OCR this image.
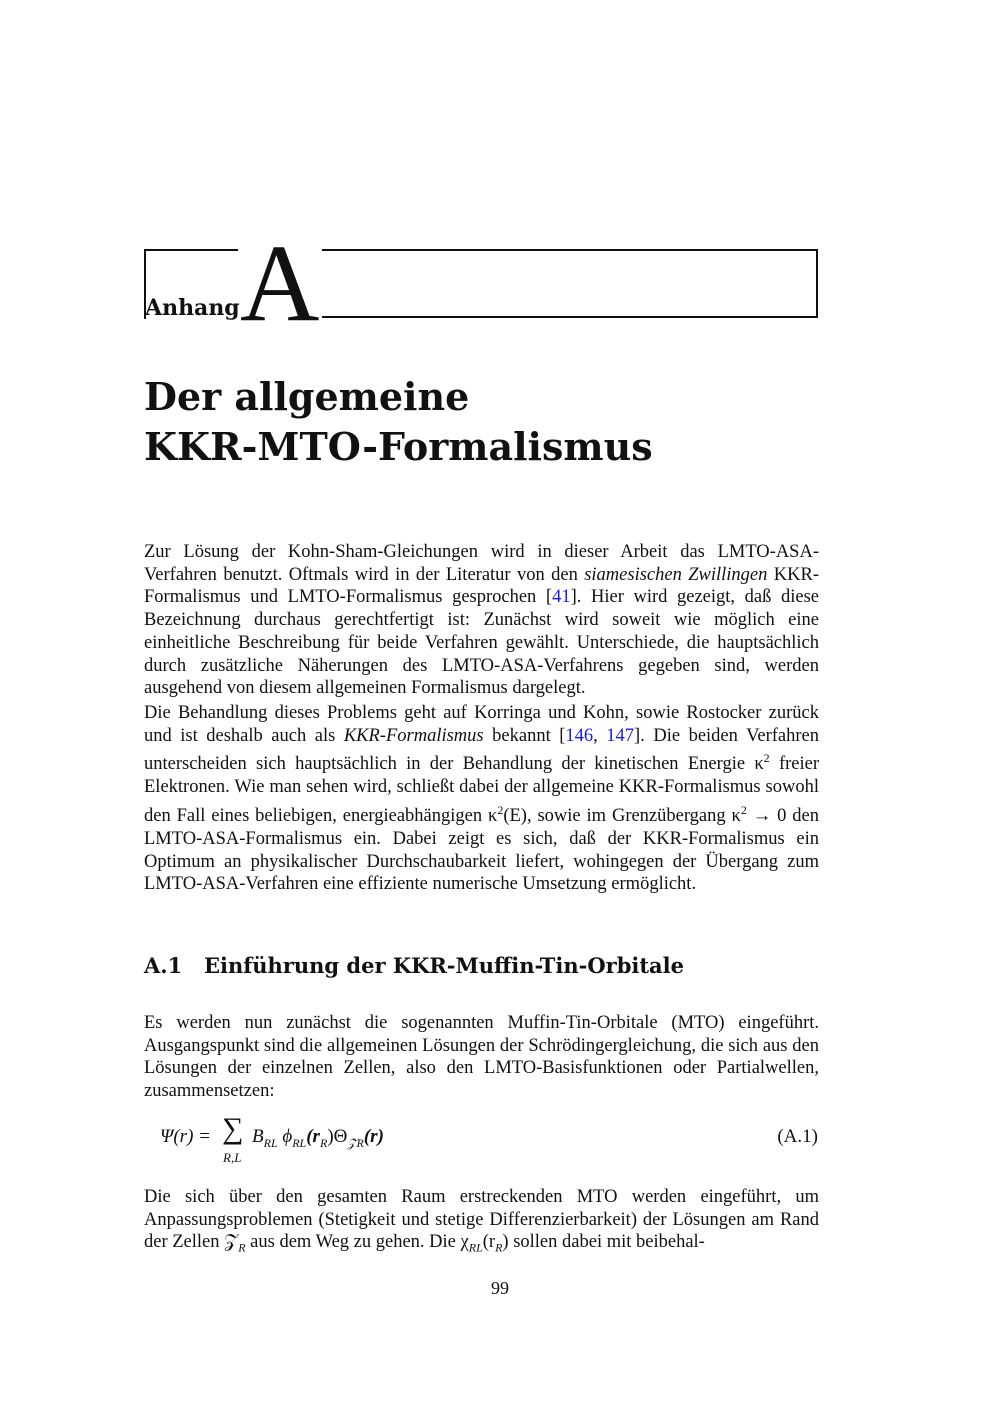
Anhang A
Der allgemeine
KKR-MTO-Formalismus

Zur Lösung der Kohn-Sham-Gleichungen wird in dieser Arbeit das LMTO-ASA-Verfahren benutzt. Oftmals wird in der Literatur von den siamesischen Zwillingen KKR-Formalismus und LMTO-Formalismus gesprochen [41]. Hier wird gezeigt, daß diese Bezeichnung durchaus gerechtfertigt ist: Zunächst wird soweit wie möglich eine einheitliche Beschreibung für beide Verfahren gewählt. Unterschiede, die hauptsächlich durch zusätzliche Näherungen des LMTO-ASA-Verfahrens gegeben sind, werden ausgehend von diesem allgemeinen Formalismus dargelegt.

Die Behandlung dieses Problems geht auf Korringa und Kohn, sowie Rostocker zurück und ist deshalb auch als KKR-Formalismus bekannt [146, 147]. Die beiden Verfahren unterscheiden sich hauptsächlich in der Behandlung der kinetischen Energie $\kappa^2$ freier Elektronen. Wie man sehen wird, schließt dabei der allgemeine KKR-Formalismus sowohl den Fall eines beliebigen, energieabhängigen $\kappa^2(E)$, sowie im Grenzübergang $\kappa^2 \to 0$ den LMTO-ASA-Formalismus ein. Dabei zeigt es sich, daß der KKR-Formalismus ein Optimum an physikalischer Durchschaubarkeit liefert, wohingegen der Übergang zum LMTO-ASA-Verfahren eine effiziente numerische Umsetzung ermöglicht.

A.1 Einführung der KKR-Muffin-Tin-Orbitale

Es werden nun zunächst die sogenannten Muffin-Tin-Orbitale (MTO) eingeführt. Ausgangspunkt sind die allgemeinen Lösungen der Schrödingergleichung, die sich aus den Lösungen der einzelnen Zellen, also den LMTO-Basisfunktionen oder Partialwellen, zusammensetzen:

Ψ(r) = ∑
R,L
$B_{RL}$ $\phi_{RL}(r_R)\Theta_{𝒵R}(r)$	(A.1)

Die sich über den gesamten Raum erstreckenden MTO werden eingeführt, um Anpassungsproblemen (Stetigkeit und stetige Differenzierbarkeit) der Lösungen am Rand der Zellen 𝒵$_R$ aus dem Weg zu gehen. Die $\chi_{RL}(r_R)$ sollen dabei mit beibehal-

99
